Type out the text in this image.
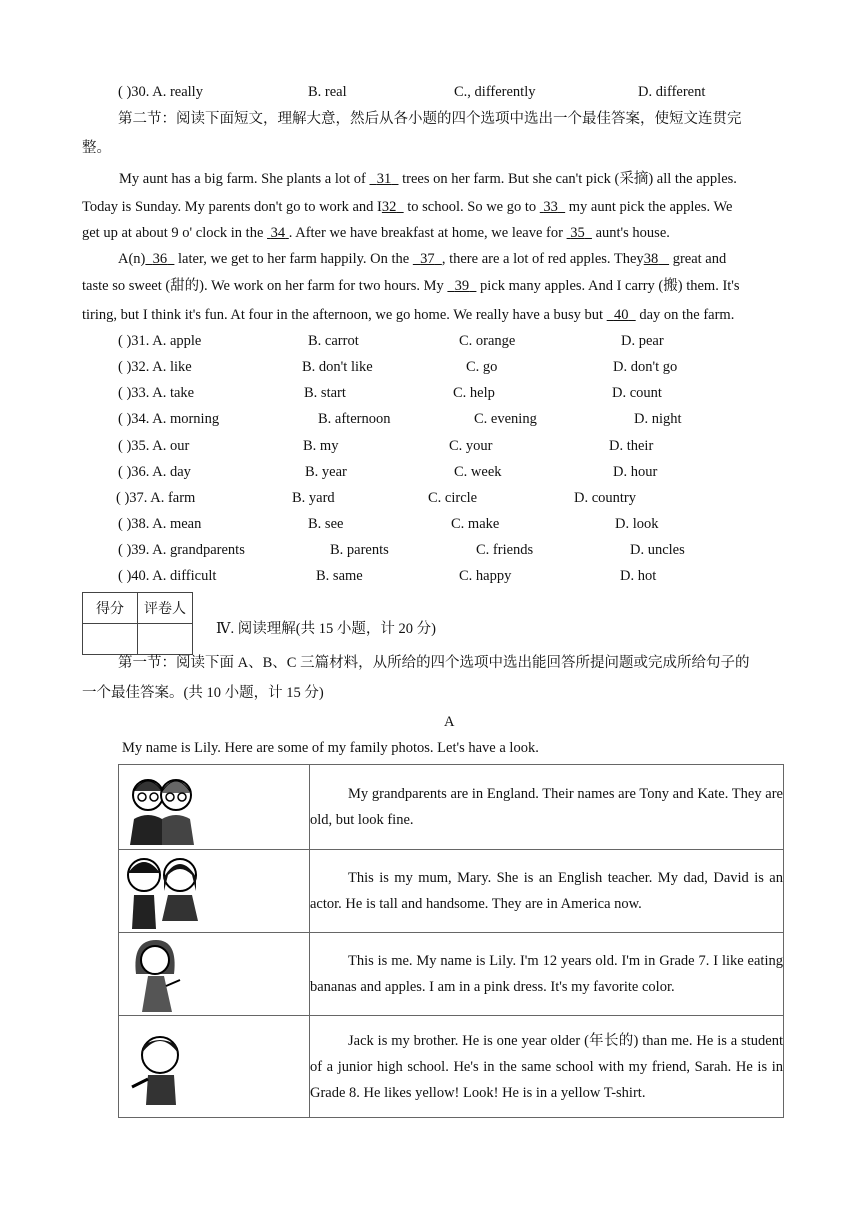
( )30. A. really	B. real	C., differently	D. different
第二节：阅读下面短文，理解大意，然后从各小题的四个选项中选出一个最佳答案，使短文连贯完
整。
My aunt has a big farm. She plants a lot of   31 trees on her farm. But she can't pick (采摘) all the apples.
Today is Sunday. My parents don't go to work and I32 to school. So we go to  33 my aunt pick the apples. We
get up at about 9 o' clock in the  34 . After we have breakfast at home, we leave for  35 aunt's house.
A(n) 36 later, we get to her farm happily. On the   37 , there are a lot of red apples. They38 great and
taste so sweet (甜的). We work on her farm for two hours. My   39   pick many apples. And I carry (搬) them. It's
tiring, but I think it's fun. At four in the afternoon, we go home. We really have a busy but   40   day on the farm.
( )31. A. apple	B. carrot	C. orange	D. pear
( )32. A. like	B. don't like	C. go	D. don't go
( )33. A. take	B. start	C. help	D. count
( )34. A. morning	B. afternoon	C. evening	D. night
( )35. A. our	B. my	C. your	D. their
( )36. A. day	B. year	C. week	D. hour
( )37. A. farm	B. yard	C. circle	D. country
( )38. A. mean	B. see	C. make	D. look
( )39. A. grandparents	B. parents	C. friends	D. uncles
( )40. A. difficult	B. same	C. happy	D. hot
得分	评卷人

Ⅳ. 阅读理解(共 15 小题，计 20 分)
第一节：阅读下面 A、B、C 三篇材料，从所给的四个选项中选出能回答所提问题或完成所给句子的
一个最佳答案。(共 10 小题，计 15 分)
A
My name is Lily. Here are some of my family photos. Let's have a look.

My grandparents are in England. Their names are Tony and Kate. They are old, but look fine.

This is my mum, Mary. She is an English teacher. My dad, David is an actor. He is tall and handsome. They are in America now.

This is me. My name is Lily. I'm 12 years old. I'm in Grade 7. I like eating bananas and apples. I am in a pink dress. It's my favorite color.

Jack is my brother. He is one year older (年长的) than me. He is a student of a junior high school. He's in the same school with my friend, Sarah. He is in Grade 8. He likes yellow! Look! He is in a yellow T-shirt.
